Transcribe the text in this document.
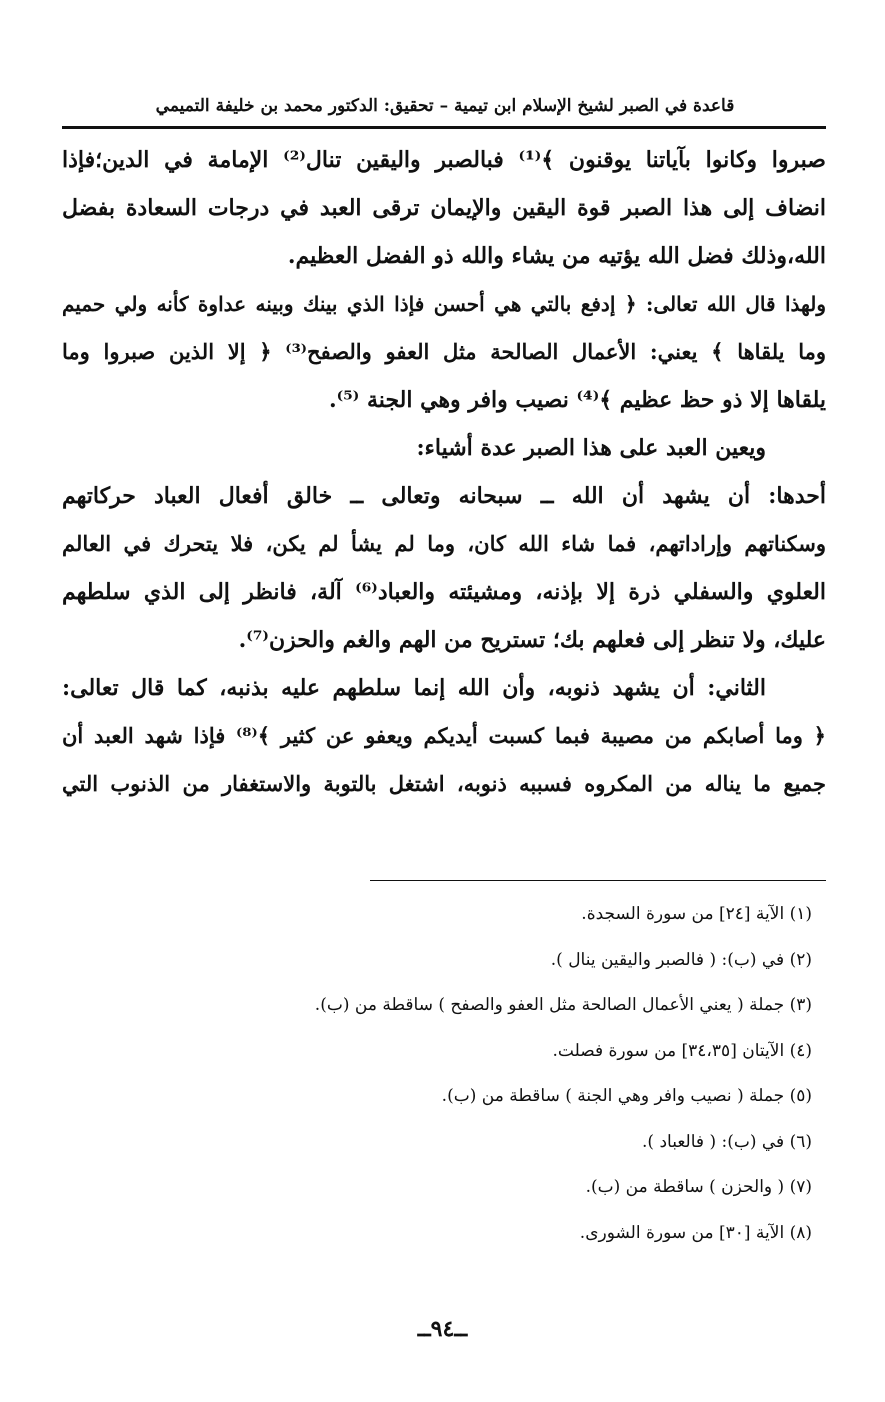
قاعدة في الصبر لشيخ الإسلام ابن تيمية – تحقيق: الدكتور محمد بن خليفة التميمي
صبروا وكانوا بآياتنا يوقنون ﴾⁽¹⁾ فبالصبر واليقين تنال⁽²⁾ الإمامة في الدين؛فإذا
انضاف إلى هذا الصبر قوة اليقين والإيمان ترقى العبد في درجات السعادة بفضل
الله،وذلك فضل الله يؤتيه من يشاء والله ذو الفضل العظيم.
ولهذا قال الله تعالى: ﴿ إدفع بالتي هي أحسن فإذا الذي بينك وبينه عداوة كأنه ولي حميم
وما يلقاها ﴾ يعني: الأعمال الصالحة مثل العفو والصفح⁽³⁾ ﴿ إلا الذين صبروا وما
يلقاها إلا ذو حظ عظيم ﴾⁽⁴⁾ نصيب وافر وهي الجنة ⁽⁵⁾.
ويعين العبد على هذا الصبر عدة أشياء:
أحدها: أن يشهد أن الله ــ سبحانه وتعالى ــ خالق أفعال العباد حركاتهم
وسكناتهم وإراداتهم، فما شاء الله كان، وما لم يشأ لم يكن، فلا يتحرك في العالم
العلوي والسفلي ذرة إلا بإذنه، ومشيئته والعباد⁽⁶⁾ آلة، فانظر إلى الذي سلطهم
عليك، ولا تنظر إلى فعلهم بك؛ تستريح من الهم والغم والحزن⁽⁷⁾.
الثاني: أن يشهد ذنوبه، وأن الله إنما سلطهم عليه بذنبه، كما قال تعالى:
﴿ وما أصابكم من مصيبة فبما كسبت أيديكم ويعفو عن كثير ﴾⁽⁸⁾ فإذا شهد العبد أن
جميع ما يناله من المكروه فسببه ذنوبه، اشتغل بالتوبة والاستغفار من الذنوب التي
(١) الآية [٢٤] من سورة السجدة.
(٢) في (ب): ( فالصبر واليقين ينال ).
(٣) جملة ( يعني الأعمال الصالحة مثل العفو والصفح ) ساقطة من (ب).
(٤) الآيتان [٣٤،٣٥] من سورة فصلت.
(٥) جملة ( نصيب وافر وهي الجنة ) ساقطة من (ب).
(٦) في (ب): ( فالعباد ).
(٧) ( والحزن ) ساقطة من (ب).
(٨) الآية [٣٠] من سورة الشورى.
ــ٩٤ــ
